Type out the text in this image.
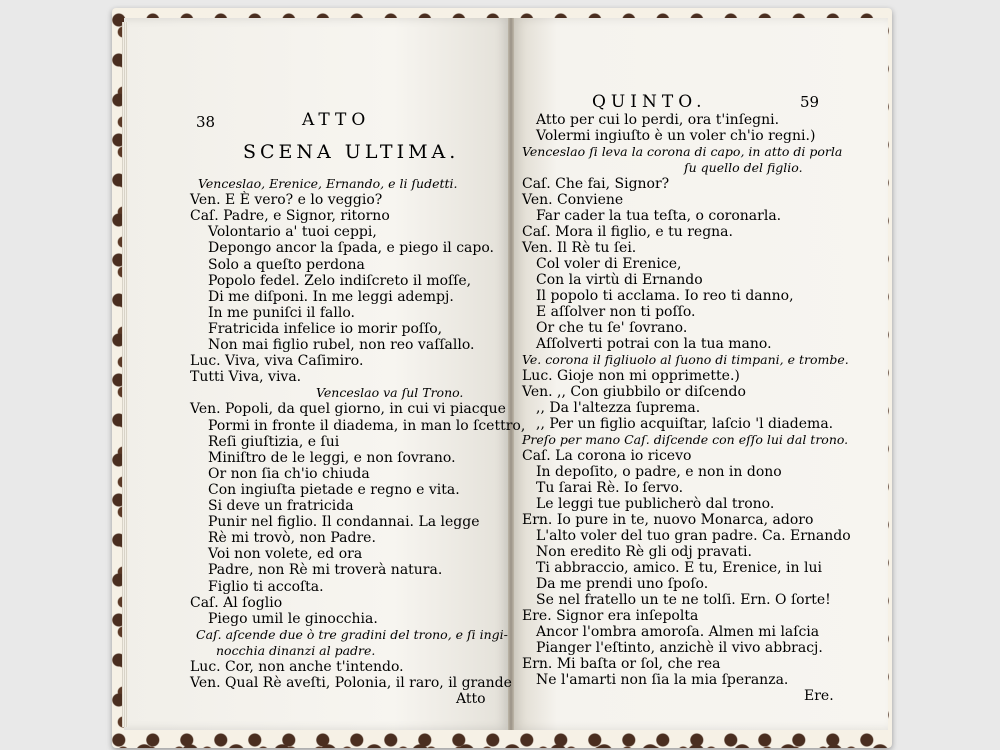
38	ATTO
SCENA ULTIMA.
QUINTO.	59
Venceslao, Erenice, Ernando, e li ſudetti.
Ven. E È vero? e lo veggio?
Caſ. Padre, e Signor, ritorno
Volontario a' tuoi ceppi,
Depongo ancor la ſpada, e piego il capo.
Solo a queſto perdona
Popolo fedel. Zelo indiſcreto il moſſe,
Di me diſponi. In me leggi adempj.
In me puniſci il fallo.
Fratricida infelice io morir poſſo,
Non mai figlio rubel, non reo vaſſallo.
Luc. Viva, viva Caſimiro.
Tutti Viva, viva.
Venceslao va ſul Trono.
Ven. Popoli, da quel giorno, in cui vi piacque
Pormi in fronte il diadema, in man lo ſcettro,
Reſi giuſtizia, e ſui
Miniſtro de le leggi, e non ſovrano.
Or non ſia ch'io chiuda
Con ingiuſta pietade e regno e vita.
Si deve un fratricida
Punir nel figlio. Il condannai. La legge
Rè mi trovò, non Padre.
Voi non volete, ed ora
Padre, non Rè mi troverà natura.
Figlio ti accoſta.
Caſ. Al ſoglio
Piego umil le ginocchia.
Caſ. aſcende due ò tre gradini del trono, e ſi ingi-
nocchia dinanzi al padre.
Luc. Cor, non anche t'intendo.
Ven. Qual Rè aveſti, Polonia, il raro, il grande
Atto
Atto per cui lo perdi, ora t'inſegni.
Volermi ingiuſto è un voler ch'io regni.)
Venceslao ſi leva la corona di capo, in atto di porla
ſu quello del figlio.
Caſ. Che fai, Signor?
Ven. Conviene
Far cader la tua teſta, o coronarla.
Caſ. Mora il figlio, e tu regna.
Ven. Il Rè tu ſei.
Col voler di Erenice,
Con la virtù di Ernando
Il popolo ti acclama. Io reo ti danno,
E aſſolver non ti poſſo.
Or che tu ſe' ſovrano.
Aſſolverti potrai con la tua mano.
Ve. corona il figliuolo al ſuono di timpani, e trombe.
Luc. Gioje non mi opprimette.)
Ven. ,, Con giubbilo or diſcendo
,, Da l'altezza ſuprema.
,, Per un figlio acquiſtar, laſcio 'l diadema.
Preſo per mano Caſ. diſcende con eſſo lui dal trono.
Caſ. La corona io ricevo
In depoſito, o padre, e non in dono
Tu ſarai Rè. Io ſervo.
Le leggi tue publicherò dal trono.
Ern. Io pure in te, nuovo Monarca, adoro
L'alto voler del tuo gran padre. Ca. Ernando
Non eredito Rè gli odj pravati.
Ti abbraccio, amico. E tu, Erenice, in lui
Da me prendi uno ſpoſo.
Se nel fratello un te ne tolſi. Ern. O ſorte!
Ere. Signor era inſepolta
Ancor l'ombra amoroſa. Almen mi laſcia
Pianger l'eſtinto, anzichè il vivo abbracj.
Ern. Mi baſta or ſol, che rea
Ne l'amarti non ſia la mia ſperanza.
Ere.
